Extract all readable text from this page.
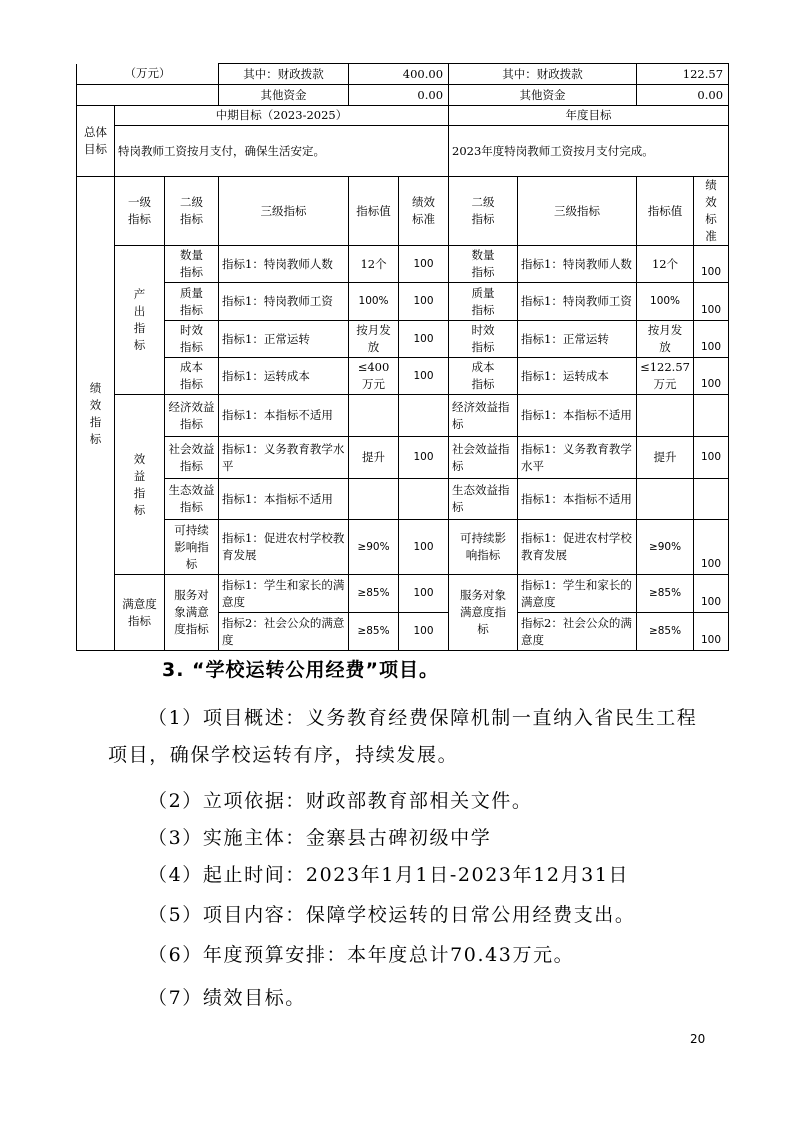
（万元）			其中：财政拨款	400.00		其中：财政拨款		122.57	
			其他资金	0.00		其他资金		0.00	
总体目标	中期目标（2023-2025）					年度目标			
	特岗教师工资按月支付，确保生活安定。					2023年度特岗教师工资按月支付完成。			
绩效指标	一级指标	二级指标	三级指标	指标值	绩效标准	二级指标	三级指标	指标值	绩效标准
	产出指标	数量指标	指标1：特岗教师人数	12个	100	数量指标	指标1：特岗教师人数	12个	100
		质量指标	指标1：特岗教师工资	100%	100	质量指标	指标1：特岗教师工资	100%	100
		时效指标	指标1：正常运转	按月发放	100	时效指标	指标1：正常运转	按月发放	100
		成本指标	指标1：运转成本	≤400万元	100	成本指标	指标1：运转成本	≤122.57万元	100
	效益指标	经济效益指标	指标1：本指标不适用			经济效益指标	指标1：本指标不适用		
		社会效益指标	指标1：义务教育教学水平	提升	100	社会效益指标	指标1：义务教育教学水平	提升	100
		生态效益指标	指标1：本指标不适用			生态效益指标	指标1：本指标不适用		
		可持续影响指标	指标1：促进农村学校教育发展	≥90%	100	可持续影响指标	指标1：促进农村学校教育发展	≥90%	100
	满意度指标	服务对象满意度指标	指标1：学生和家长的满意度	≥85%	100	服务对象满意度指标	指标1：学生和家长的满意度	≥85%	100
			指标2：社会公众的满意度	≥85%	100		指标2：社会公众的满意度	≥85%	100
3. “学校运转公用经费”项目。
（1）项目概述：义务教育经费保障机制一直纳入省民生工程
项目，确保学校运转有序，持续发展。
（2）立项依据：财政部教育部相关文件。
（3）实施主体：金寨县古碑初级中学
（4）起止时间：2023年1月1日-2023年12月31日
（5）项目内容：保障学校运转的日常公用经费支出。
（6）年度预算安排：本年度总计70.43万元。
（7）绩效目标。
20
